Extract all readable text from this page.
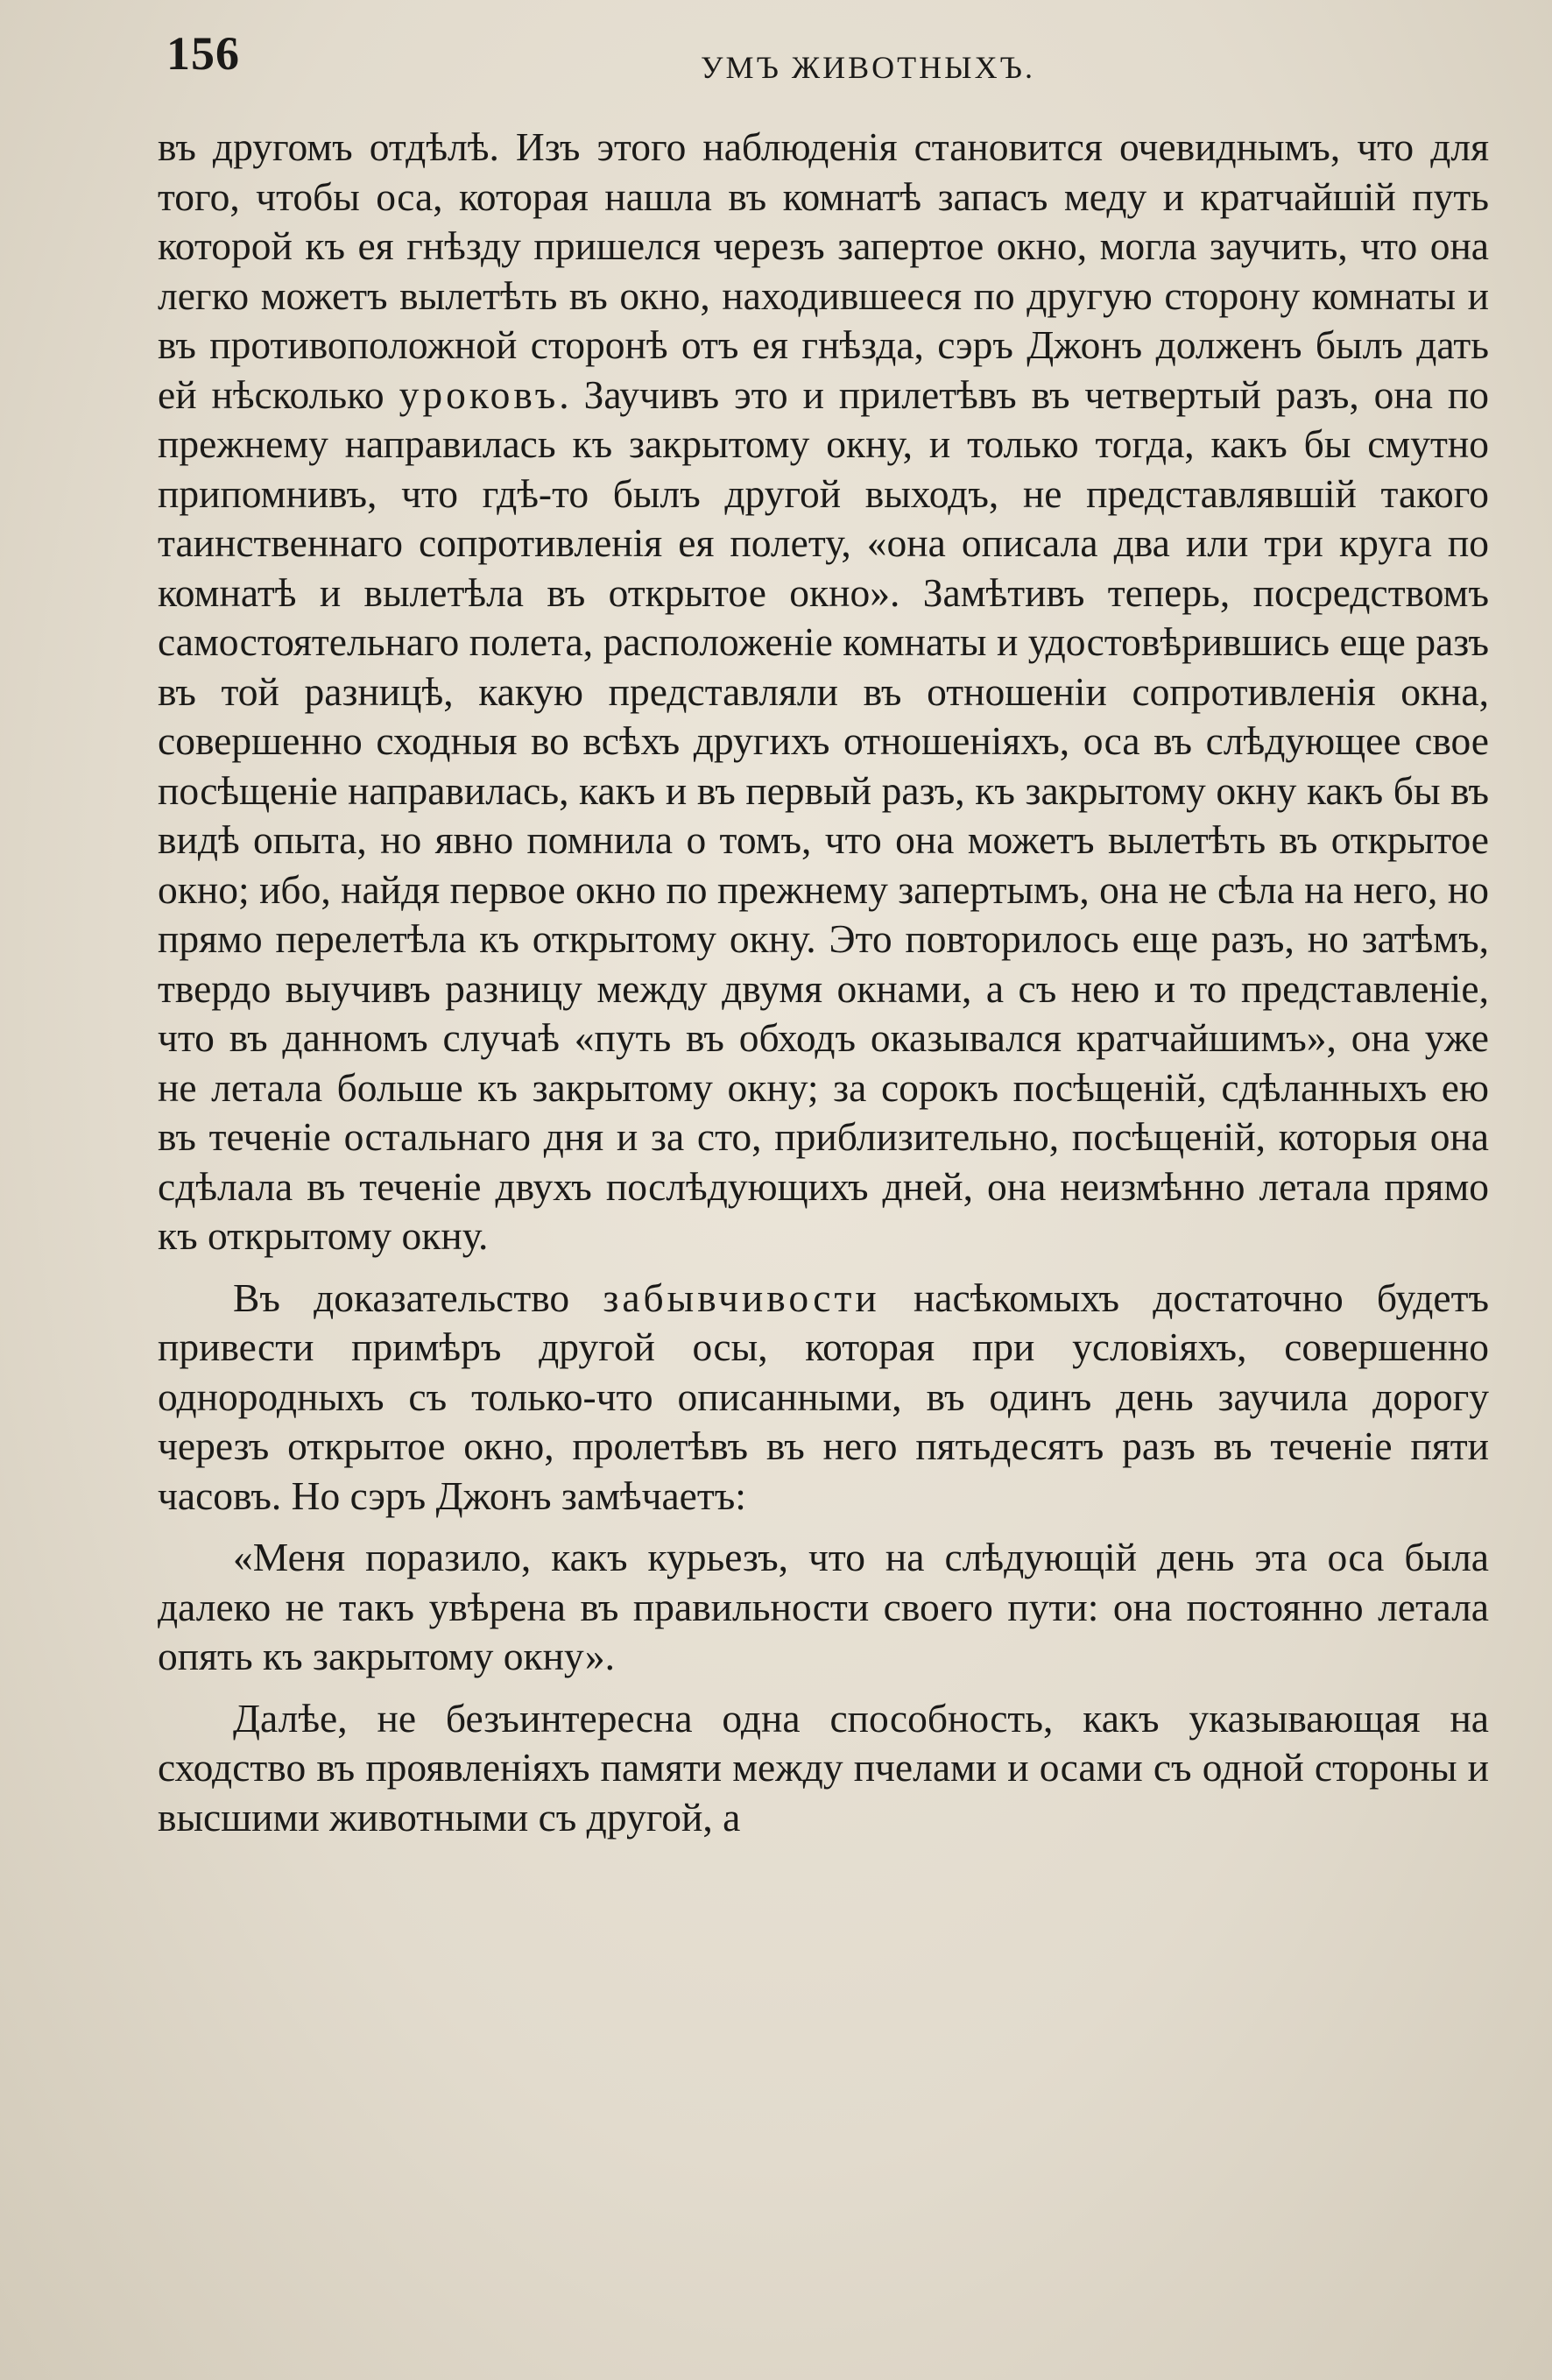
156	УМЪ ЖИВОТНЫХЪ.

въ другомъ отдѣлѣ. Изъ этого наблюденія становится очевиднымъ, что для того, чтобы оса, которая нашла въ комнатѣ запасъ меду и кратчайшій путь которой къ ея гнѣзду пришелся черезъ запертое окно, могла заучить, что она легко можетъ вылетѣть въ окно, находившееся по другую сторону комнаты и въ противоположной сторонѣ отъ ея гнѣзда, сэръ Джонъ долженъ былъ дать ей нѣсколько уроковъ. Заучивъ это и прилетѣвъ въ четвертый разъ, она по прежнему направилась къ закрытому окну, и только тогда, какъ бы смутно припомнивъ, что гдѣ-то былъ другой выходъ, не представлявшій такого таинственнаго сопротивленія ея полету, «она описала два или три круга по комнатѣ и вылетѣла въ открытое окно». Замѣтивъ теперь, посредствомъ самостоятельнаго полета, расположеніе комнаты и удостовѣрившись еще разъ въ той разницѣ, какую представляли въ отношеніи сопротивленія окна, совершенно сходныя во всѣхъ другихъ отношеніяхъ, оса въ слѣдующее свое посѣщеніе направилась, какъ и въ первый разъ, къ закрытому окну какъ бы въ видѣ опыта, но явно помнила о томъ, что она можетъ вылетѣть въ открытое окно; ибо, найдя первое окно по прежнему запертымъ, она не сѣла на него, но прямо перелетѣла къ открытому окну. Это повторилось еще разъ, но затѣмъ, твердо выучивъ разницу между двумя окнами, а съ нею и то представленіе, что въ данномъ случаѣ «путь въ обходъ оказывался кратчайшимъ», она уже не летала больше къ закрытому окну; за сорокъ посѣщеній, сдѣланныхъ ею въ теченіе остальнаго дня и за сто, приблизительно, посѣщеній, которыя она сдѣлала въ теченіе двухъ послѣдующихъ дней, она неизмѣнно летала прямо къ открытому окну.

Въ доказательство забывчивости насѣкомыхъ достаточно будетъ привести примѣръ другой осы, которая при условіяхъ, совершенно однородныхъ съ только-что описанными, въ одинъ день заучила дорогу черезъ открытое окно, пролетѣвъ въ него пятьдесятъ разъ въ теченіе пяти часовъ. Но сэръ Джонъ замѣчаетъ:

«Меня поразило, какъ курьезъ, что на слѣдующій день эта оса была далеко не такъ увѣрена въ правильности своего пути: она постоянно летала опять къ закрытому окну».

Далѣе, не безъинтересна одна способность, какъ указывающая на сходство въ проявленіяхъ памяти между пчелами и осами съ одной стороны и высшими животными съ другой, а
